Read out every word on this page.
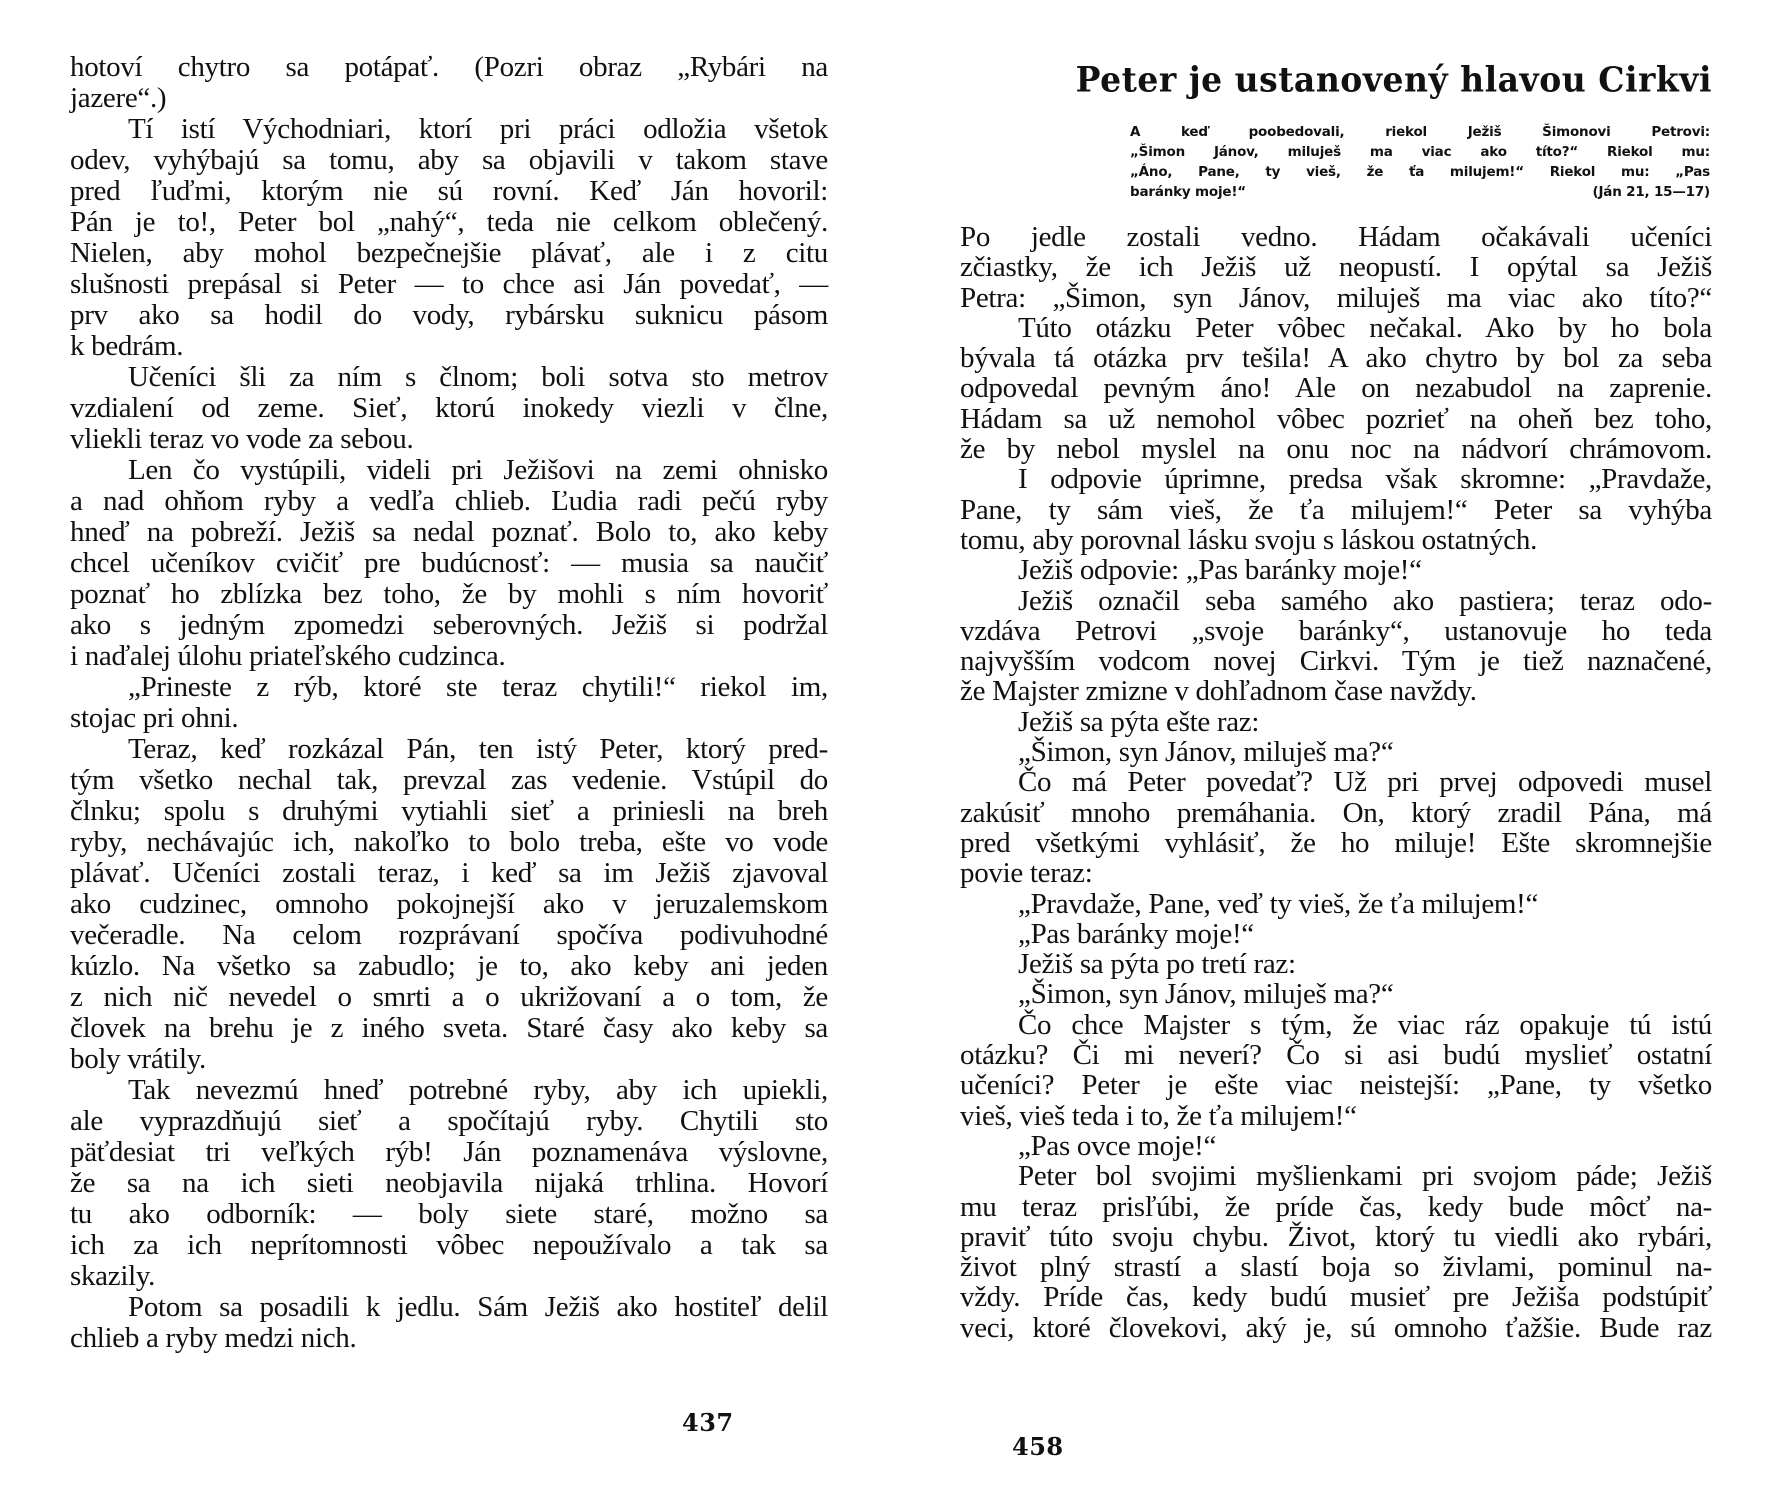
hotoví chytro sa potápať. (Pozri obraz „Rybári na
jazere“.)
Tí istí Východniari, ktorí pri práci odložia všetok
odev, vyhýbajú sa tomu, aby sa objavili v takom stave
pred ľuďmi, ktorým nie sú rovní. Keď Ján hovoril:
Pán je to!, Peter bol „nahý“, teda nie celkom oblečený.
Nielen, aby mohol bezpečnejšie plávať, ale i z citu
slušnosti prepásal si Peter — to chce asi Ján povedať, —
prv ako sa hodil do vody, rybársku suknicu pásom
k bedrám.
Učeníci šli za ním s člnom; boli sotva sto metrov
vzdialení od zeme. Sieť, ktorú inokedy viezli v člne,
vliekli teraz vo vode za sebou.
Len čo vystúpili, videli pri Ježišovi na zemi ohnisko
a nad ohňom ryby a vedľa chlieb. Ľudia radi pečú ryby
hneď na pobreží. Ježiš sa nedal poznať. Bolo to, ako keby
chcel učeníkov cvičiť pre budúcnosť: — musia sa naučiť
poznať ho zblízka bez toho, že by mohli s ním hovoriť
ako s jedným zpomedzi seberovných. Ježiš si podržal
i naďalej úlohu priateľského cudzinca.
„Prineste z rýb, ktoré ste teraz chytili!“ riekol im,
stojac pri ohni.
Teraz, keď rozkázal Pán, ten istý Peter, ktorý pred-
tým všetko nechal tak, prevzal zas vedenie. Vstúpil do
člnku; spolu s druhými vytiahli sieť a priniesli na breh
ryby, nechávajúc ich, nakoľko to bolo treba, ešte vo vode
plávať. Učeníci zostali teraz, i keď sa im Ježiš zjavoval
ako cudzinec, omnoho pokojnejší ako v jeruzalemskom
večeradle. Na celom rozprávaní spočíva podivuhodné
kúzlo. Na všetko sa zabudlo; je to, ako keby ani jeden
z nich nič nevedel o smrti a o ukrižovaní a o tom, že
človek na brehu je z iného sveta. Staré časy ako keby sa
boly vrátily.
Tak nevezmú hneď potrebné ryby, aby ich upiekli,
ale vyprazdňujú sieť a spočítajú ryby. Chytili sto
päťdesiat tri veľkých rýb! Ján poznamenáva výslovne,
že sa na ich sieti neobjavila nijaká trhlina. Hovorí
tu ako odborník: — boly siete staré, možno sa
ich za ich neprítomnosti vôbec nepoužívalo a tak sa
skazily.
Potom sa posadili k jedlu. Sám Ježiš ako hostiteľ delil
chlieb a ryby medzi nich.
437
Peter je ustanovený hlavou Cirkvi
A keď poobedovali, riekol Ježiš Šimonovi Petrovi:
„Šimon Jánov, miluješ ma viac ako títo?“ Riekol mu:
„Áno, Pane, ty vieš, že ťa milujem!“ Riekol mu: „Pas
baránky moje!“	(Ján 21, 15—17)
Po jedle zostali vedno. Hádam očakávali učeníci
zčiastky, že ich Ježiš už neopustí. I opýtal sa Ježiš
Petra: „Šimon, syn Jánov, miluješ ma viac ako títo?“
Túto otázku Peter vôbec nečakal. Ako by ho bola
bývala tá otázka prv tešila! A ako chytro by bol za seba
odpovedal pevným áno! Ale on nezabudol na zaprenie.
Hádam sa už nemohol vôbec pozrieť na oheň bez toho,
že by nebol myslel na onu noc na nádvorí chrámovom.
I odpovie úprimne, predsa však skromne: „Pravdaže,
Pane, ty sám vieš, že ťa milujem!“ Peter sa vyhýba
tomu, aby porovnal lásku svoju s láskou ostatných.
Ježiš odpovie: „Pas baránky moje!“
Ježiš označil seba samého ako pastiera; teraz odo-
vzdáva Petrovi „svoje baránky“, ustanovuje ho teda
najvyšším vodcom novej Cirkvi. Tým je tiež naznačené,
že Majster zmizne v dohľadnom čase navždy.
Ježiš sa pýta ešte raz:
„Šimon, syn Jánov, miluješ ma?“
Čo má Peter povedať? Už pri prvej odpovedi musel
zakúsiť mnoho premáhania. On, ktorý zradil Pána, má
pred všetkými vyhlásiť, že ho miluje! Ešte skromnejšie
povie teraz:
„Pravdaže, Pane, veď ty vieš, že ťa milujem!“
„Pas baránky moje!“
Ježiš sa pýta po tretí raz:
„Šimon, syn Jánov, miluješ ma?“
Čo chce Majster s tým, že viac ráz opakuje tú istú
otázku? Či mi neverí? Čo si asi budú myslieť ostatní
učeníci? Peter je ešte viac neistejší: „Pane, ty všetko
vieš, vieš teda i to, že ťa milujem!“
„Pas ovce moje!“
Peter bol svojimi myšlienkami pri svojom páde; Ježiš
mu teraz prisľúbi, že príde čas, kedy bude môcť na-
praviť túto svoju chybu. Život, ktorý tu viedli ako rybári,
život plný strastí a slastí boja so živlami, pominul na-
vždy. Príde čas, kedy budú musieť pre Ježiša podstúpiť
veci, ktoré človekovi, aký je, sú omnoho ťažšie. Bude raz
458
